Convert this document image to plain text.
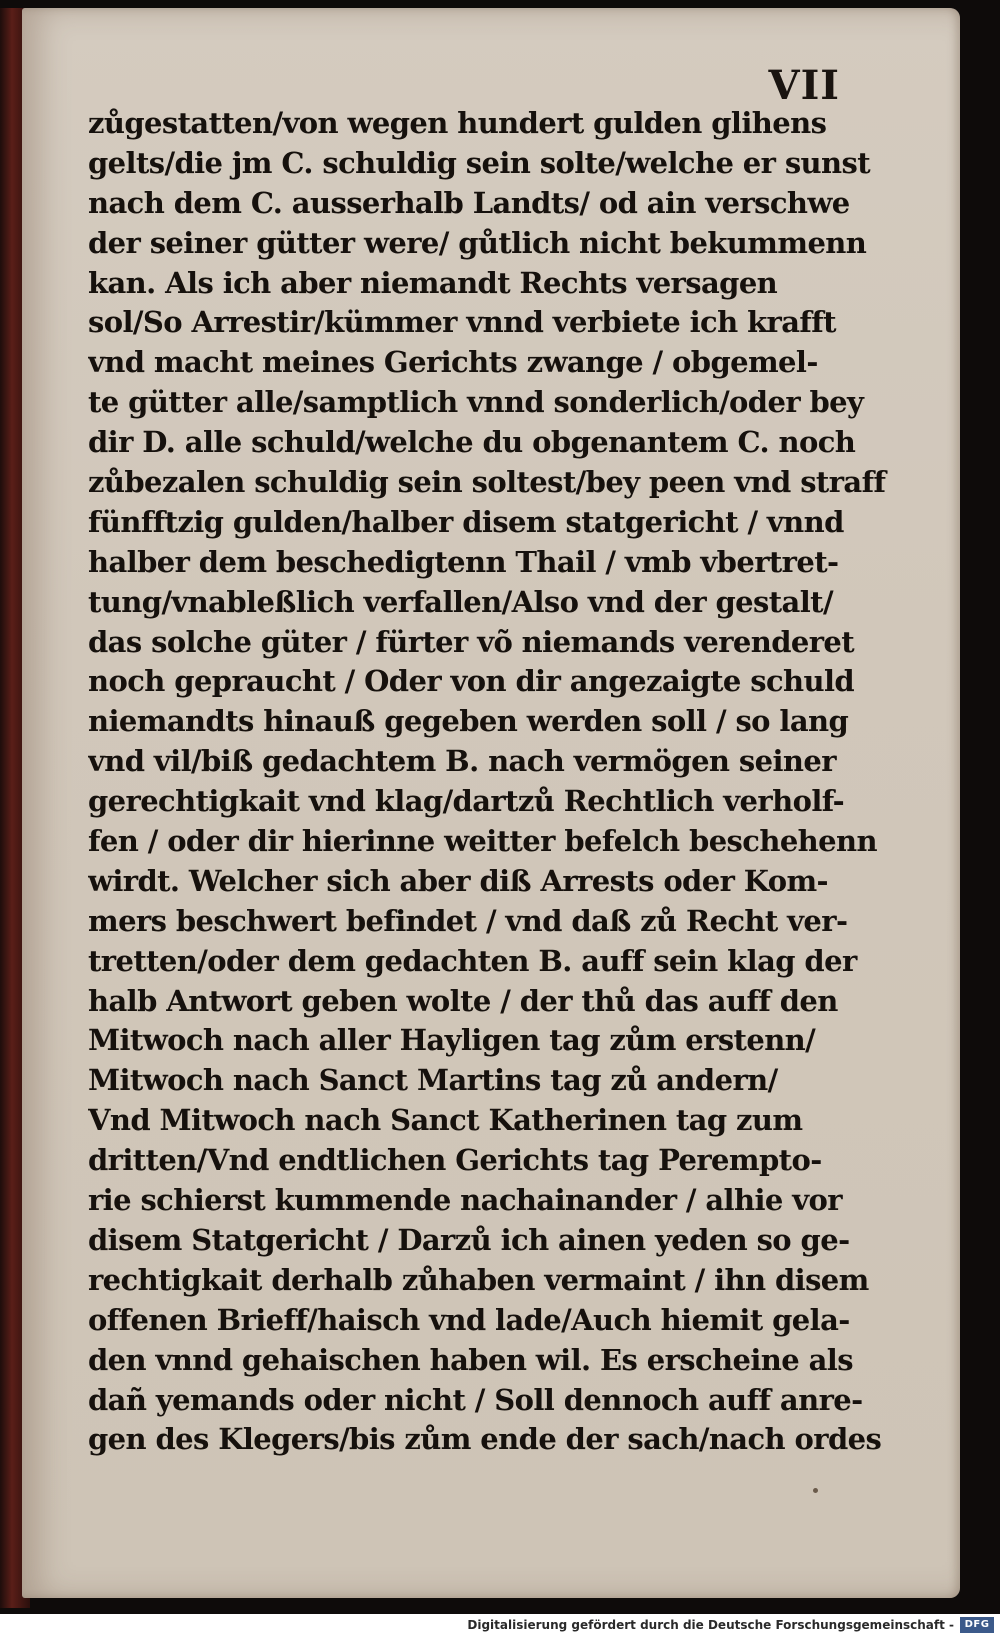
VII
zůgestatten/von wegen hundert gulden glihens
gelts/die jm C. schuldig sein solte/welche er sunst
nach dem C. ausserhalb Landts/ od ain verschwe
der seiner gütter were/ gůtlich nicht bekummenn
kan. Als ich aber niemandt Rechts versagen
sol/So Arrestir/kümmer vnnd verbiete ich krafft
vnd macht meines Gerichts zwange / obgemel-
te gütter alle/samptlich vnnd sonderlich/oder bey
dir D. alle schuld/welche du obgenantem C. noch
zůbezalen schuldig sein soltest/bey peen vnd straff
fünfftzig gulden/halber disem statgericht / vnnd
halber dem beschedigtenn Thail / vmb vbertret-
tung/vnableßlich verfallen/Also vnd der gestalt/
das solche güter / fürter võ niemands verenderet
noch gepraucht / Oder von dir angezaigte schuld
niemandts hinauß gegeben werden soll / so lang
vnd vil/biß gedachtem B. nach vermögen seiner
gerechtigkait vnd klag/dartzů Rechtlich verholf-
fen / oder dir hierinne weitter befelch beschehenn
wirdt. Welcher sich aber diß Arrests oder Kom-
mers beschwert befindet / vnd daß zů Recht ver-
tretten/oder dem gedachten B. auff sein klag der
halb Antwort geben wolte / der thů das auff den
Mitwoch nach aller Hayligen tag zům erstenn/
Mitwoch nach Sanct Martins tag zů andern/
Vnd Mitwoch nach Sanct Katherinen tag zum
dritten/Vnd endtlichen Gerichts tag Perempto-
rie schierst kummende nachainander / alhie vor
disem Statgericht / Darzů ich ainen yeden so ge-
rechtigkait derhalb zůhaben vermaint / ihn disem
offenen Brieff/haisch vnd lade/Auch hiemit gela-
den vnnd gehaischen haben wil. Es erscheine als
dañ yemands oder nicht / Soll dennoch auff anre-
gen des Klegers/bis zům ende der sach/nach ordes
Digitalisierung gefördert durch die Deutsche Forschungsgemeinschaft -	DFG
